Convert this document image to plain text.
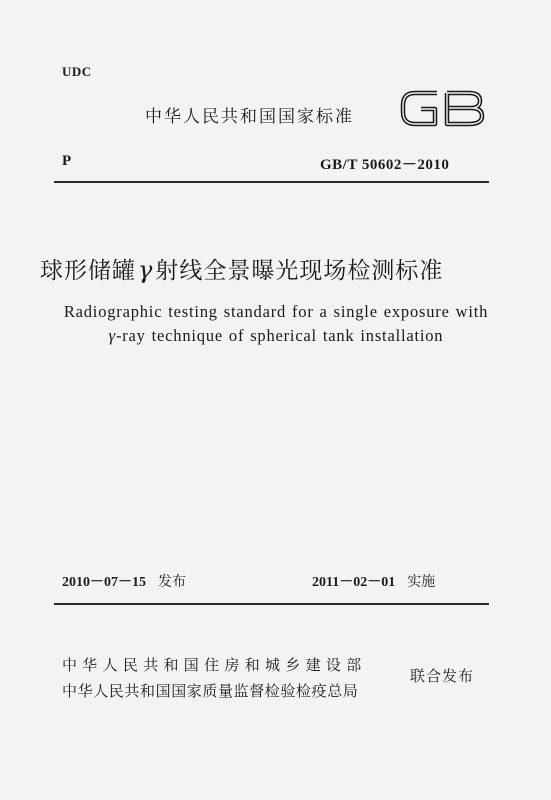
UDC
中华人民共和国国家标准
P	GB/T 50602－2010
球形储罐γ射线全景曝光现场检测标准
Radiographic testing standard for a single exposure with
γ-ray technique of spherical tank installation
2010－07－15 发布	2011－02－01 实施
中华人民共和国住房和城乡建设部
中华人民共和国国家质量监督检验检疫总局
联合发布
